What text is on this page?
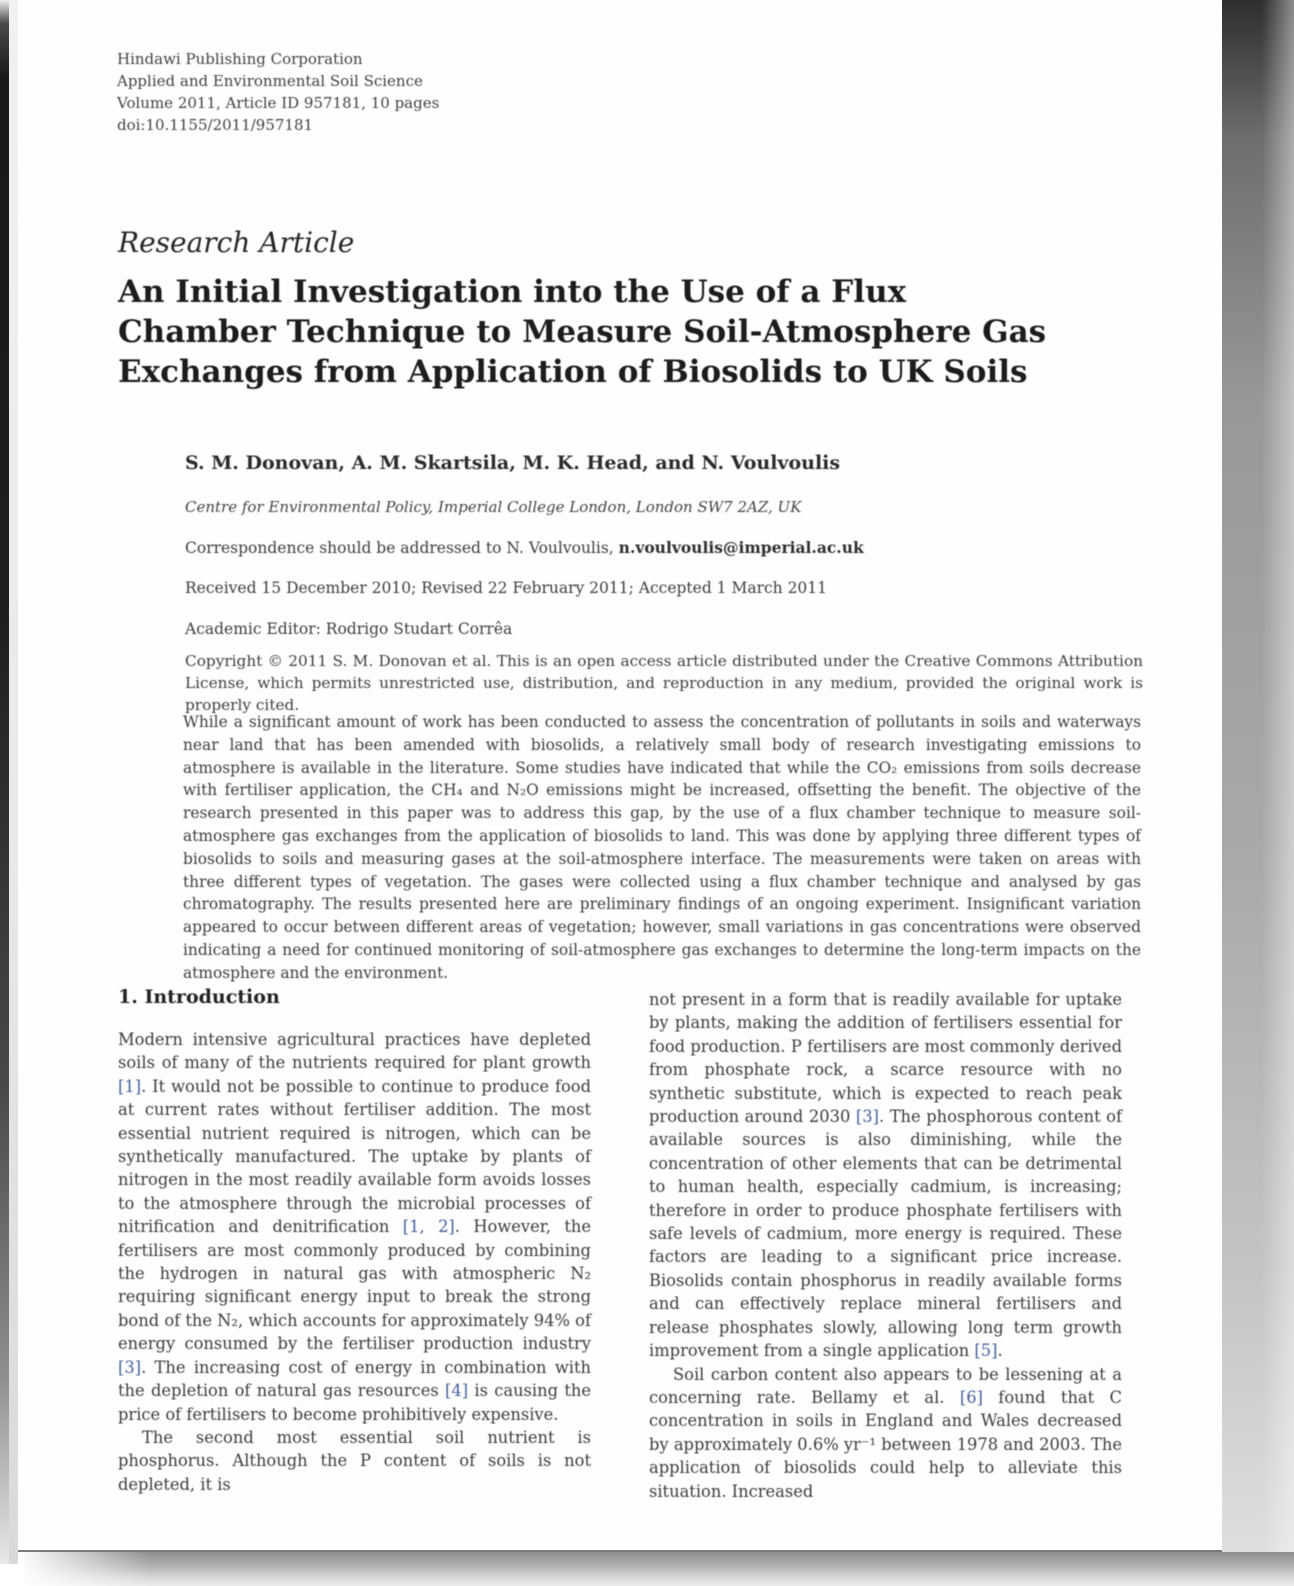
Hindawi Publishing Corporation
Applied and Environmental Soil Science
Volume 2011, Article ID 957181, 10 pages
doi:10.1155/2011/957181
Research Article
An Initial Investigation into the Use of a Flux Chamber Technique to Measure Soil-Atmosphere Gas Exchanges from Application of Biosolids to UK Soils
S. M. Donovan, A. M. Skartsila, M. K. Head, and N. Voulvoulis
Centre for Environmental Policy, Imperial College London, London SW7 2AZ, UK
Correspondence should be addressed to N. Voulvoulis, n.voulvoulis@imperial.ac.uk
Received 15 December 2010; Revised 22 February 2011; Accepted 1 March 2011
Academic Editor: Rodrigo Studart Corrêa
Copyright © 2011 S. M. Donovan et al. This is an open access article distributed under the Creative Commons Attribution License, which permits unrestricted use, distribution, and reproduction in any medium, provided the original work is properly cited.
While a significant amount of work has been conducted to assess the concentration of pollutants in soils and waterways near land that has been amended with biosolids, a relatively small body of research investigating emissions to atmosphere is available in the literature. Some studies have indicated that while the CO₂ emissions from soils decrease with fertiliser application, the CH₄ and N₂O emissions might be increased, offsetting the benefit. The objective of the research presented in this paper was to address this gap, by the use of a flux chamber technique to measure soil-atmosphere gas exchanges from the application of biosolids to land. This was done by applying three different types of biosolids to soils and measuring gases at the soil-atmosphere interface. The measurements were taken on areas with three different types of vegetation. The gases were collected using a flux chamber technique and analysed by gas chromatography. The results presented here are preliminary findings of an ongoing experiment. Insignificant variation appeared to occur between different areas of vegetation; however, small variations in gas concentrations were observed indicating a need for continued monitoring of soil-atmosphere gas exchanges to determine the long-term impacts on the atmosphere and the environment.
1. Introduction

Modern intensive agricultural practices have depleted soils of many of the nutrients required for plant growth [1]. It would not be possible to continue to produce food at current rates without fertiliser addition. The most essential nutrient required is nitrogen, which can be synthetically manufactured. The uptake by plants of nitrogen in the most readily available form avoids losses to the atmosphere through the microbial processes of nitrification and denitrification [1, 2]. However, the fertilisers are most commonly produced by combining the hydrogen in natural gas with atmospheric N₂ requiring significant energy input to break the strong bond of the N₂, which accounts for approximately 94% of energy consumed by the fertiliser production industry [3]. The increasing cost of energy in combination with the depletion of natural gas resources [4] is causing the price of fertilisers to become prohibitively expensive.

The second most essential soil nutrient is phosphorus. Although the P content of soils is not depleted, it is

not present in a form that is readily available for uptake by plants, making the addition of fertilisers essential for food production. P fertilisers are most commonly derived from phosphate rock, a scarce resource with no synthetic substitute, which is expected to reach peak production around 2030 [3]. The phosphorous content of available sources is also diminishing, while the concentration of other elements that can be detrimental to human health, especially cadmium, is increasing; therefore in order to produce phosphate fertilisers with safe levels of cadmium, more energy is required. These factors are leading to a significant price increase. Biosolids contain phosphorus in readily available forms and can effectively replace mineral fertilisers and release phosphates slowly, allowing long term growth improvement from a single application [5].

Soil carbon content also appears to be lessening at a concerning rate. Bellamy et al. [6] found that C concentration in soils in England and Wales decreased by approximately 0.6% yr⁻¹ between 1978 and 2003. The application of biosolids could help to alleviate this situation. Increased
